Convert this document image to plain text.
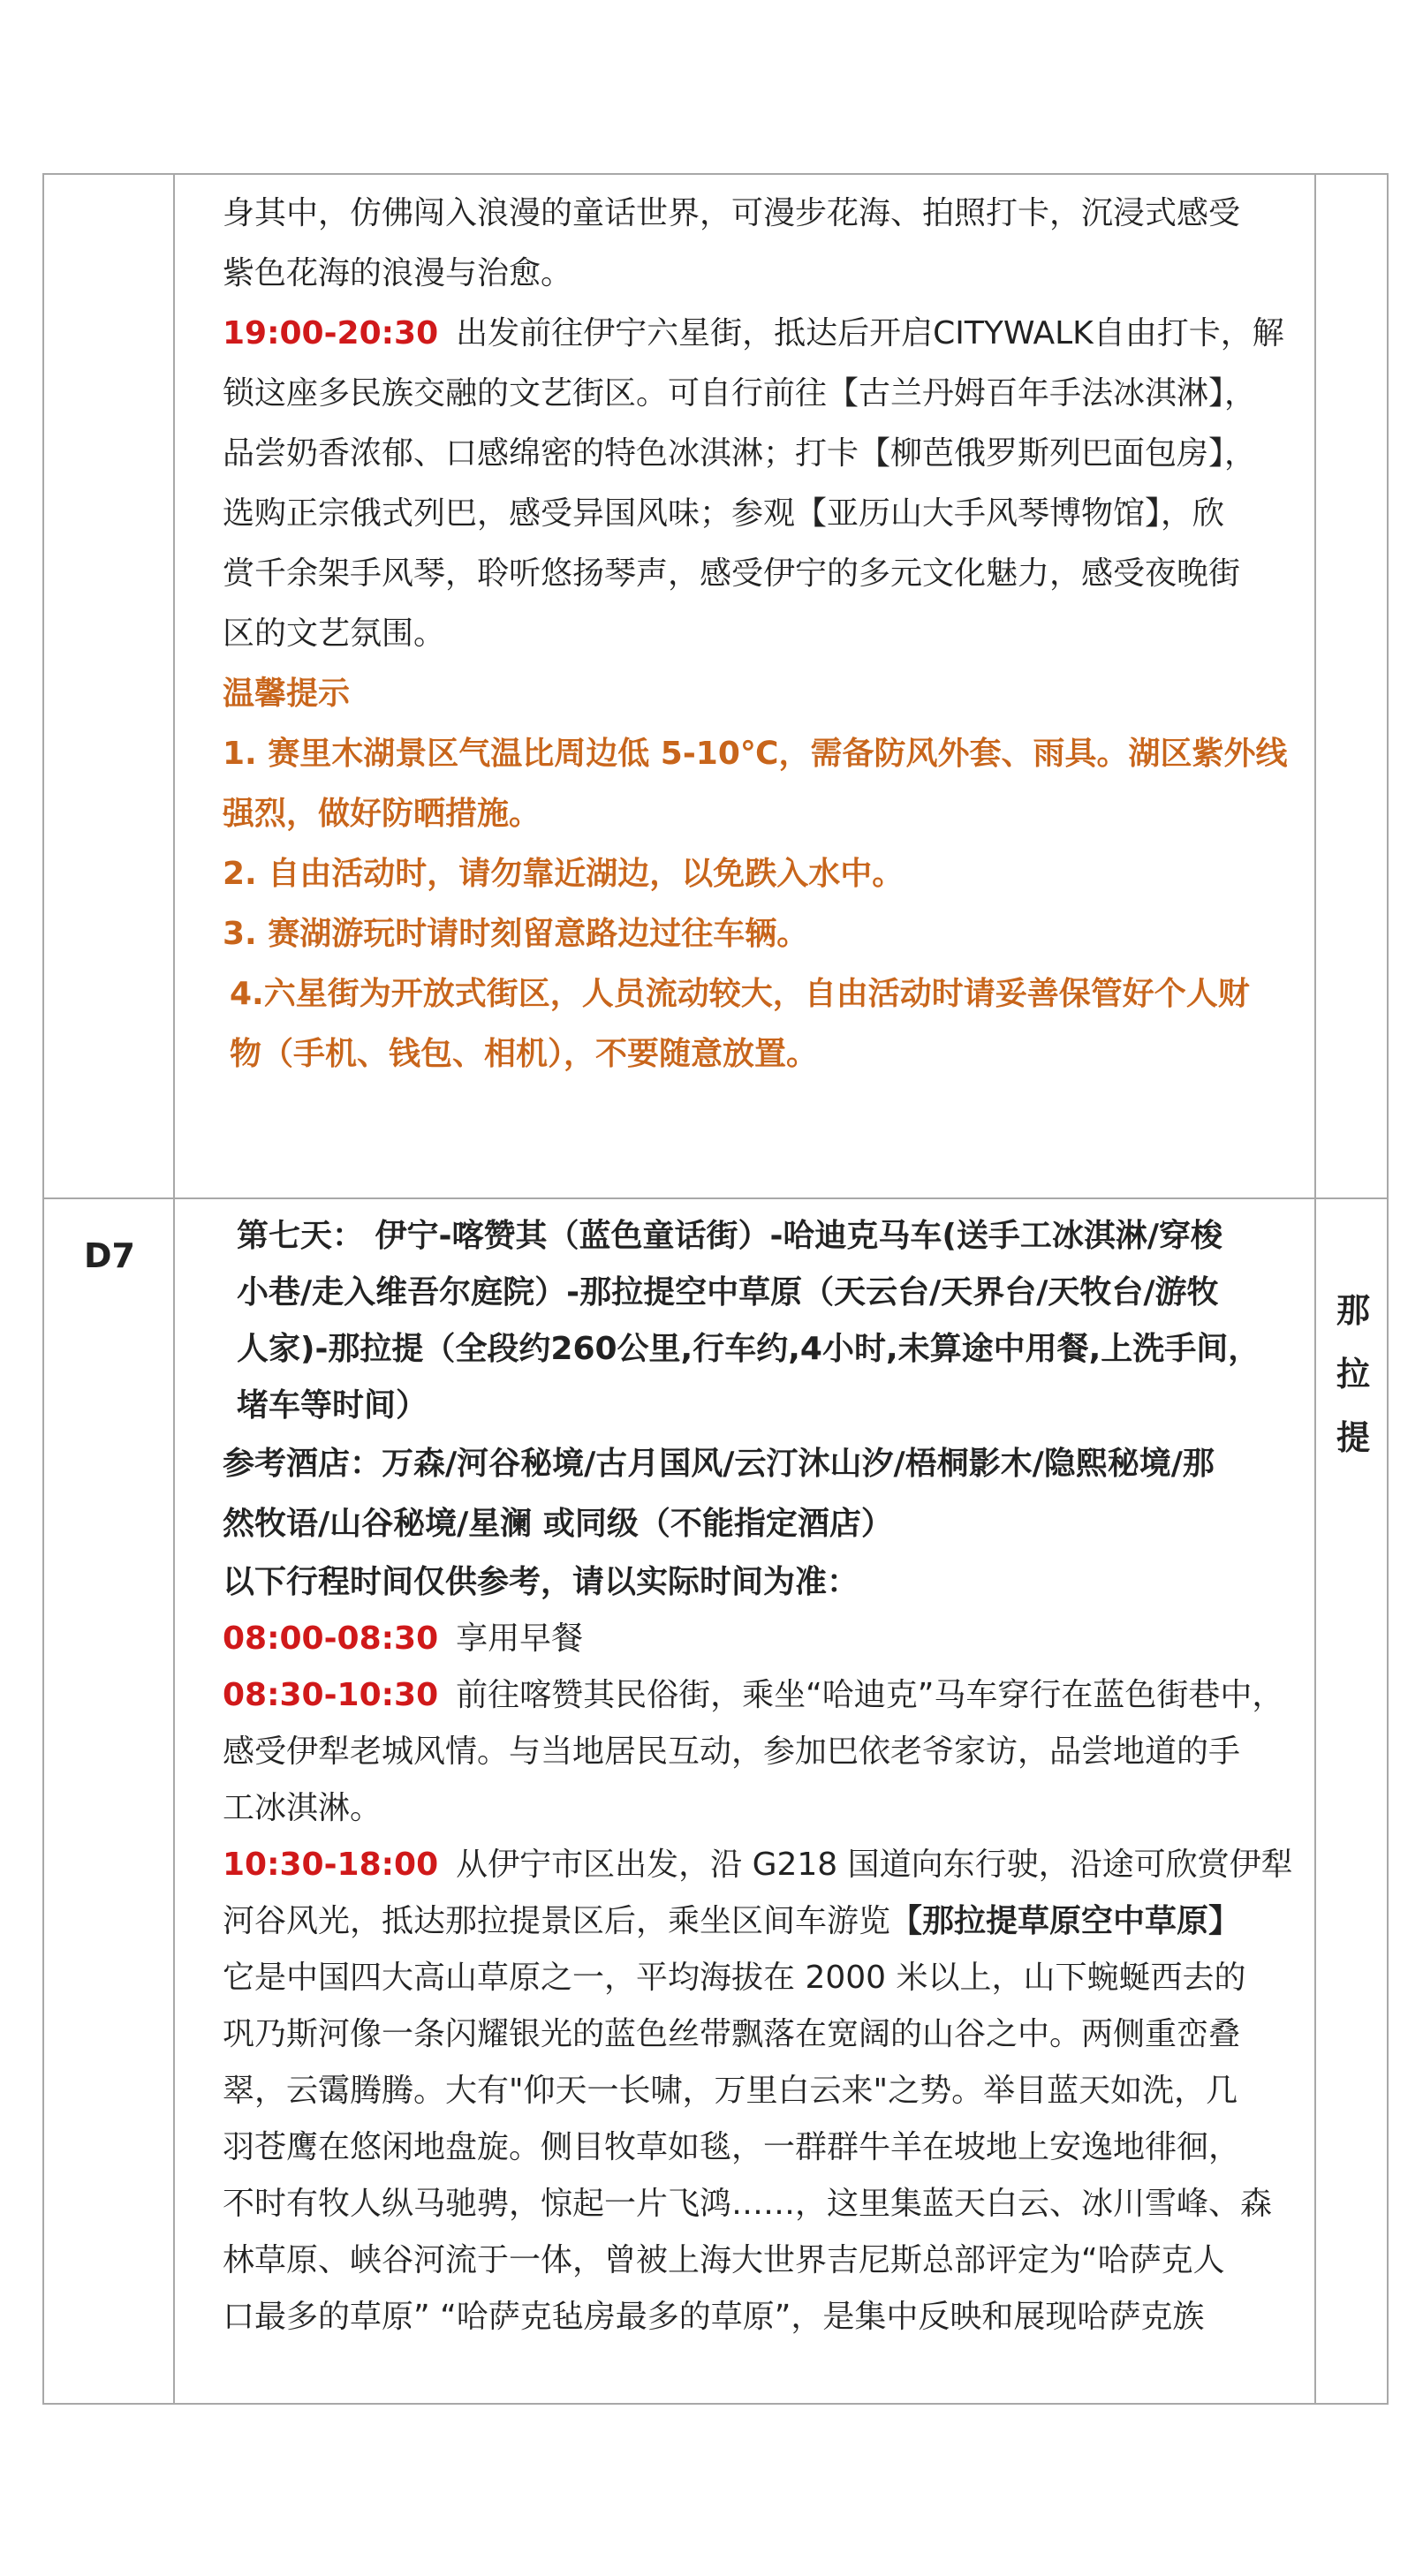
身其中，仿佛闯入浪漫的童话世界，可漫步花海、拍照打卡，沉浸式感受

紫色花海的浪漫与治愈。

19:00-20:30 出发前往伊宁六星街，抵达后开启CITYWALK自由打卡，解

锁这座多民族交融的文艺街区。可自行前往【古兰丹姆百年手法冰淇淋】，

品尝奶香浓郁、口感绵密的特色冰淇淋；打卡【柳芭俄罗斯列巴面包房】，

选购正宗俄式列巴，感受异国风味；参观【亚历山大手风琴博物馆】，欣

赏千余架手风琴，聆听悠扬琴声，感受伊宁的多元文化魅力，感受夜晚街

区的文艺氛围。

温馨提示
1. 赛里木湖景区气温比周边低 5-10℃，需备防风外套、雨具。湖区紫外线
强烈，做好防晒措施。
2. 自由活动时，请勿靠近湖边，以免跌入水中。
3. 赛湖游玩时请时刻留意路边过往车辆。
4.六星街为开放式街区，人员流动较大，自由活动时请妥善保管好个人财
物（手机、钱包、相机），不要随意放置。
D7
那
拉
提

第七天： 伊宁-喀赞其（蓝色童话街）-哈迪克马车(送手工冰淇淋/穿梭

小巷/走入维吾尔庭院）-那拉提空中草原（天云台/天界台/天牧台/游牧

人家)-那拉提（全段约260公里,行车约,4小时,未算途中用餐,上洗手间，

堵车等时间）

参考酒店：万森/河谷秘境/古月国风/云汀沐山汐/梧桐影木/隐熙秘境/那

然牧语/山谷秘境/星澜 或同级（不能指定酒店）

以下行程时间仅供参考，请以实际时间为准：

08:00-08:30 享用早餐

08:30-10:30 前往喀赞其民俗街，乘坐“哈迪克”马车穿行在蓝色街巷中，

感受伊犁老城风情。与当地居民互动，参加巴依老爷家访，品尝地道的手

工冰淇淋。

10:30-18:00 从伊宁市区出发，沿 G218 国道向东行驶，沿途可欣赏伊犁

河谷风光，抵达那拉提景区后，乘坐区间车游览【那拉提草原空中草原】

它是中国四大高山草原之一，平均海拔在 2000 米以上，山下蜿蜒西去的

巩乃斯河像一条闪耀银光的蓝色丝带飘落在宽阔的山谷之中。两侧重峦叠

翠，云霭腾腾。大有"仰天一长啸，万里白云来"之势。举目蓝天如洗，几

羽苍鹰在悠闲地盘旋。侧目牧草如毯，一群群牛羊在坡地上安逸地徘徊，

不时有牧人纵马驰骋，惊起一片飞鸿……，这里集蓝天白云、冰川雪峰、森

林草原、峡谷河流于一体，曾被上海大世界吉尼斯总部评定为“哈萨克人

口最多的草原” “哈萨克毡房最多的草原”，是集中反映和展现哈萨克族
